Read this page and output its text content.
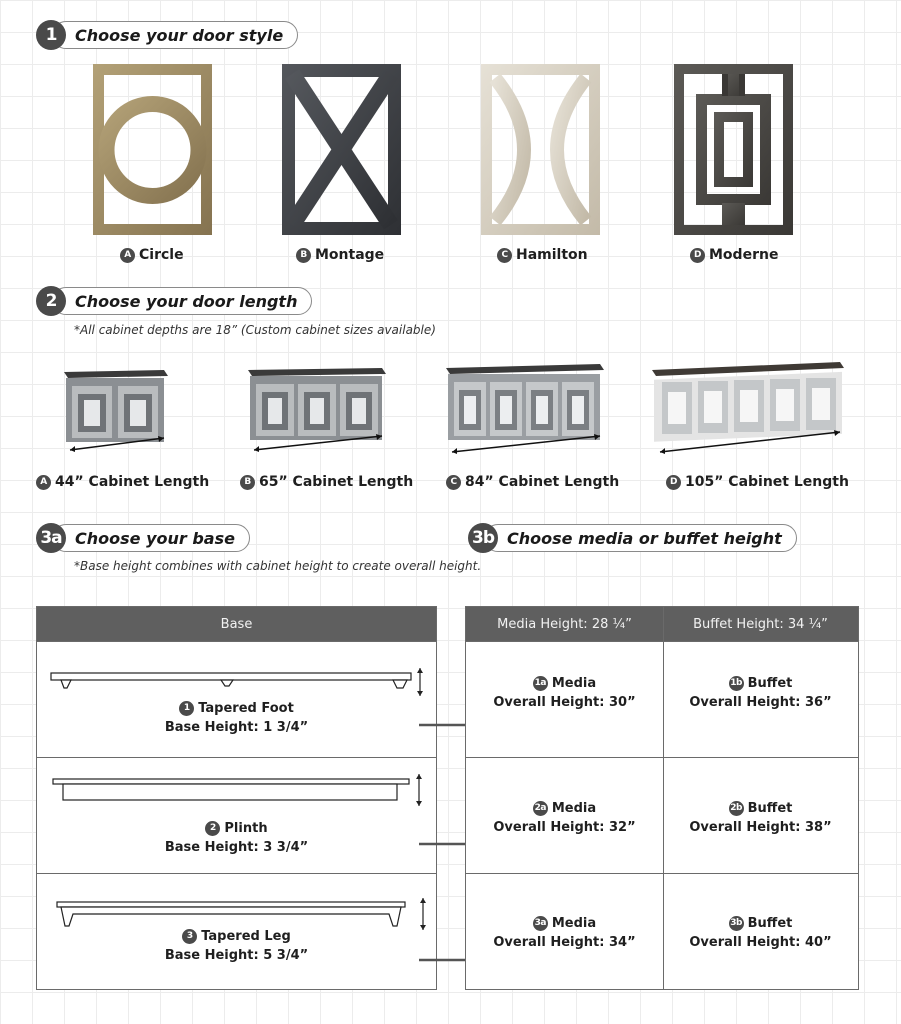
1	Choose your door style
A Circle	B Montage	C Hamilton	D Moderne
2	Choose your door length
*All cabinet depths are 18” (Custom cabinet sizes available)
A 44” Cabinet Length	B 65” Cabinet Length	C 84” Cabinet Length	D 105” Cabinet Length
3a Choose your base
*Base height combines with cabinet height to create overall height.
3b Choose media or buffet height
Base
1 Tapered Foot
Base Height: 1 3/4”
2 Plinth
Base Height: 3 3/4”
3 Tapered Leg
Base Height: 5 3/4”
Media Height: 28 ¼”	Buffet Height: 34 ¼”
1a Media
Overall Height: 30”
1b Buffet
Overall Height: 36”
2a Media
Overall Height: 32”
2b Buffet
Overall Height: 38”
3a Media
Overall Height: 34”
3b Buffet
Overall Height: 40”
